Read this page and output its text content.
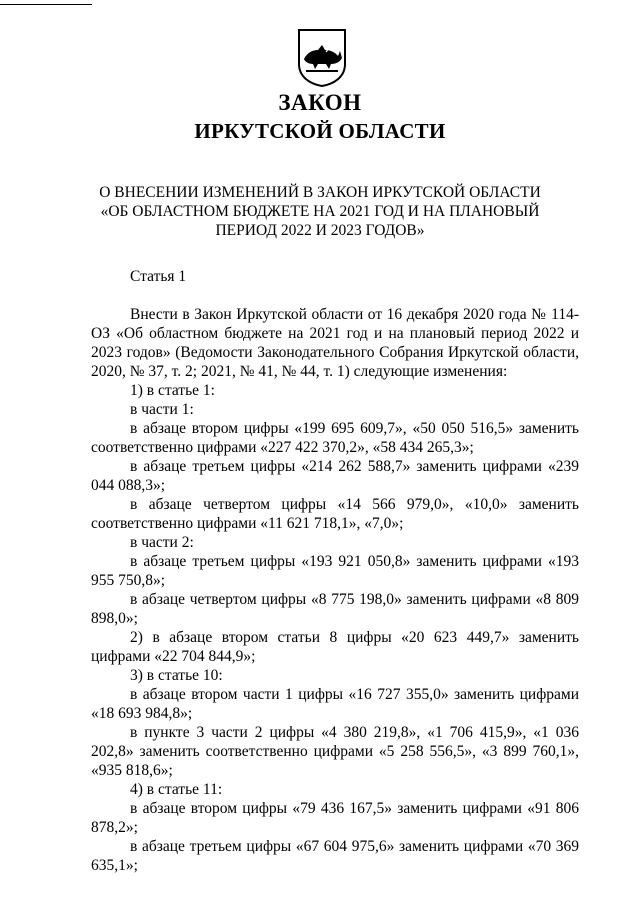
ЗАКОН
ИРКУТСКОЙ ОБЛАСТИ
О ВНЕСЕНИИ ИЗМЕНЕНИЙ В ЗАКОН ИРКУТСКОЙ ОБЛАСТИ
«ОБ ОБЛАСТНОМ БЮДЖЕТЕ НА 2021 ГОД И НА ПЛАНОВЫЙ
ПЕРИОД 2022 И 2023 ГОДОВ»
Статья 1

Внести в Закон Иркутской области от 16 декабря 2020 года № 114-ОЗ «Об областном бюджете на 2021 год и на плановый период 2022 и 2023 годов» (Ведомости Законодательного Собрания Иркутской области, 2020, № 37, т. 2; 2021, № 41, № 44, т. 1) следующие изменения:

1) в статье 1:

в части 1:

в абзаце втором цифры «199 695 609,7», «50 050 516,5» заменить соответственно цифрами «227 422 370,2», «58 434 265,3»;

в абзаце третьем цифры «214 262 588,7» заменить цифрами «239 044 088,3»;

в абзаце четвертом цифры «14 566 979,0», «10,0» заменить соответственно цифрами «11 621 718,1», «7,0»;

в части 2:

в абзаце третьем цифры «193 921 050,8» заменить цифрами «193 955 750,8»;

в абзаце четвертом цифры «8 775 198,0» заменить цифрами «8 809 898,0»;

2) в абзаце втором статьи 8 цифры «20 623 449,7» заменить цифрами «22 704 844,9»;

3) в статье 10:

в абзаце втором части 1 цифры «16 727 355,0» заменить цифрами «18 693 984,8»;

в пункте 3 части 2 цифры «4 380 219,8», «1 706 415,9», «1 036 202,8» заменить соответственно цифрами «5 258 556,5», «3 899 760,1», «935 818,6»;

4) в статье 11:

в абзаце втором цифры «79 436 167,5» заменить цифрами «91 806 878,2»;

в абзаце третьем цифры «67 604 975,6» заменить цифрами «70 369 635,1»;
